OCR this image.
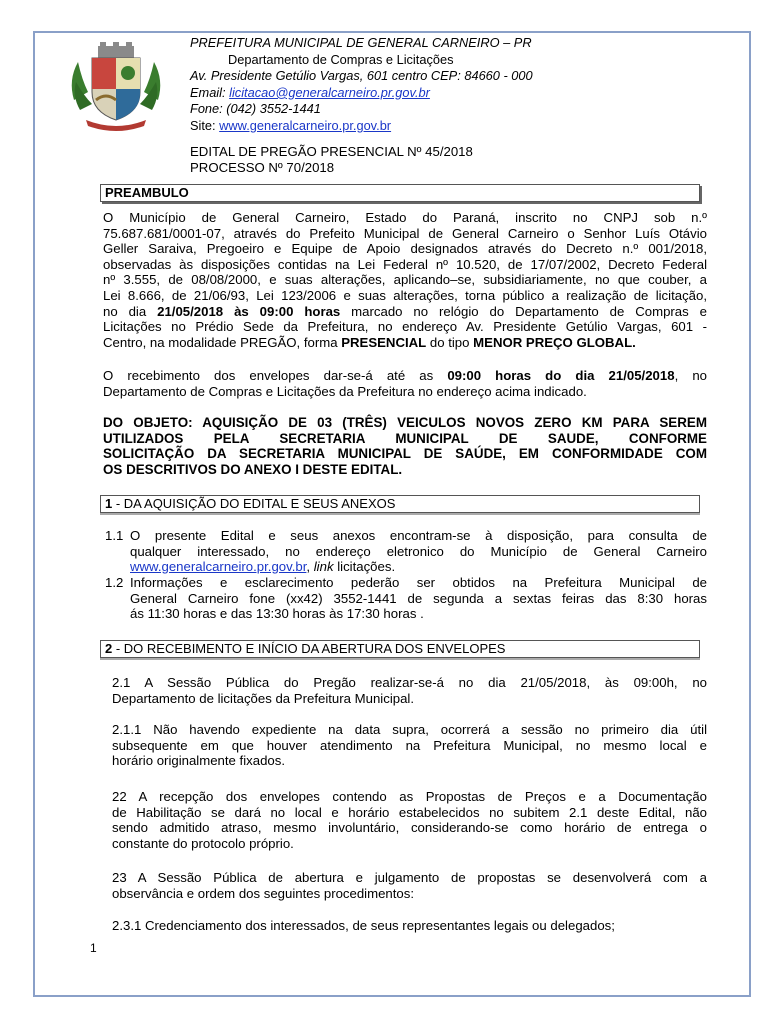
PREFEITURA MUNICIPAL DE GENERAL CARNEIRO – PR
Departamento de Compras e Licitações
Av. Presidente Getúlio Vargas, 601 centro CEP: 84660 - 000
Email: licitacao@generalcarneiro.pr.gov.br
Fone: (042) 3552-1441
Site: www.generalcarneiro.pr.gov.br
EDITAL DE PREGÃO PRESENCIAL Nº 45/2018
PROCESSO Nº 70/2018
PREAMBULO
O Município de General Carneiro, Estado do Paraná, inscrito no CNPJ sob n.º
75.687.681/0001-07, através do Prefeito Municipal de General Carneiro o Senhor Luís Otávio
Geller Saraiva, Pregoeiro e Equipe de Apoio designados através do Decreto n.º 001/2018,
observadas às disposições contidas na Lei Federal nº 10.520, de 17/07/2002, Decreto Federal
nº 3.555, de 08/08/2000, e suas alterações, aplicando–se, subsidiariamente, no que couber, a
Lei 8.666, de 21/06/93, Lei 123/2006 e suas alterações, torna público a realização de licitação,
no dia 21/05/2018 às 09:00 horas marcado no relógio do Departamento de Compras e
Licitações no Prédio Sede da Prefeitura, no endereço Av. Presidente Getúlio Vargas, 601 -
Centro, na modalidade PREGÃO, forma PRESENCIAL do tipo MENOR PREÇO GLOBAL.
O recebimento dos envelopes dar-se-á até as 09:00 horas do dia 21/05/2018, no
Departamento de Compras e Licitações da Prefeitura no endereço acima indicado.
DO OBJETO: AQUISIÇÃO DE 03 (TRÊS) VEICULOS NOVOS ZERO KM PARA SEREM
UTILIZADOS PELA SECRETARIA MUNICIPAL DE SAUDE, CONFORME
SOLICITAÇÃO DA SECRETARIA MUNICIPAL DE SAÚDE, EM CONFORMIDADE COM
OS DESCRITIVOS DO ANEXO I DESTE EDITAL.
1 - DA AQUISIÇÃO DO EDITAL E SEUS ANEXOS
1.1 O presente Edital e seus anexos encontram-se à disposição, para consulta de
qualquer interessado, no endereço eletronico do Município de General Carneiro
www.generalcarneiro.pr.gov.br, link licitações.
1.2 Informações e esclarecimento pederão ser obtidos na Prefeitura Municipal de
General Carneiro fone (xx42) 3552-1441 de segunda a sextas feiras das 8:30 horas
ás 11:30 horas e das 13:30 horas às 17:30 horas .
2 - DO RECEBIMENTO E INÍCIO DA ABERTURA DOS ENVELOPES
2.1 A Sessão Pública do Pregão realizar-se-á no dia 21/05/2018, às 09:00h, no
Departamento de licitações da Prefeitura Municipal.
2.1.1 Não havendo expediente na data supra, ocorrerá a sessão no primeiro dia útil
subsequente em que houver atendimento na Prefeitura Municipal, no mesmo local e
horário originalmente fixados.
22 A recepção dos envelopes contendo as Propostas de Preços e a Documentação
de Habilitação se dará no local e horário estabelecidos no subitem 2.1 deste Edital, não
sendo admitido atraso, mesmo involuntário, considerando-se como horário de entrega o
constante do protocolo próprio.
23 A Sessão Pública de abertura e julgamento de propostas se desenvolverá com a
observância e ordem dos seguintes procedimentos:
2.3.1 Credenciamento dos interessados, de seus representantes legais ou delegados;
1
